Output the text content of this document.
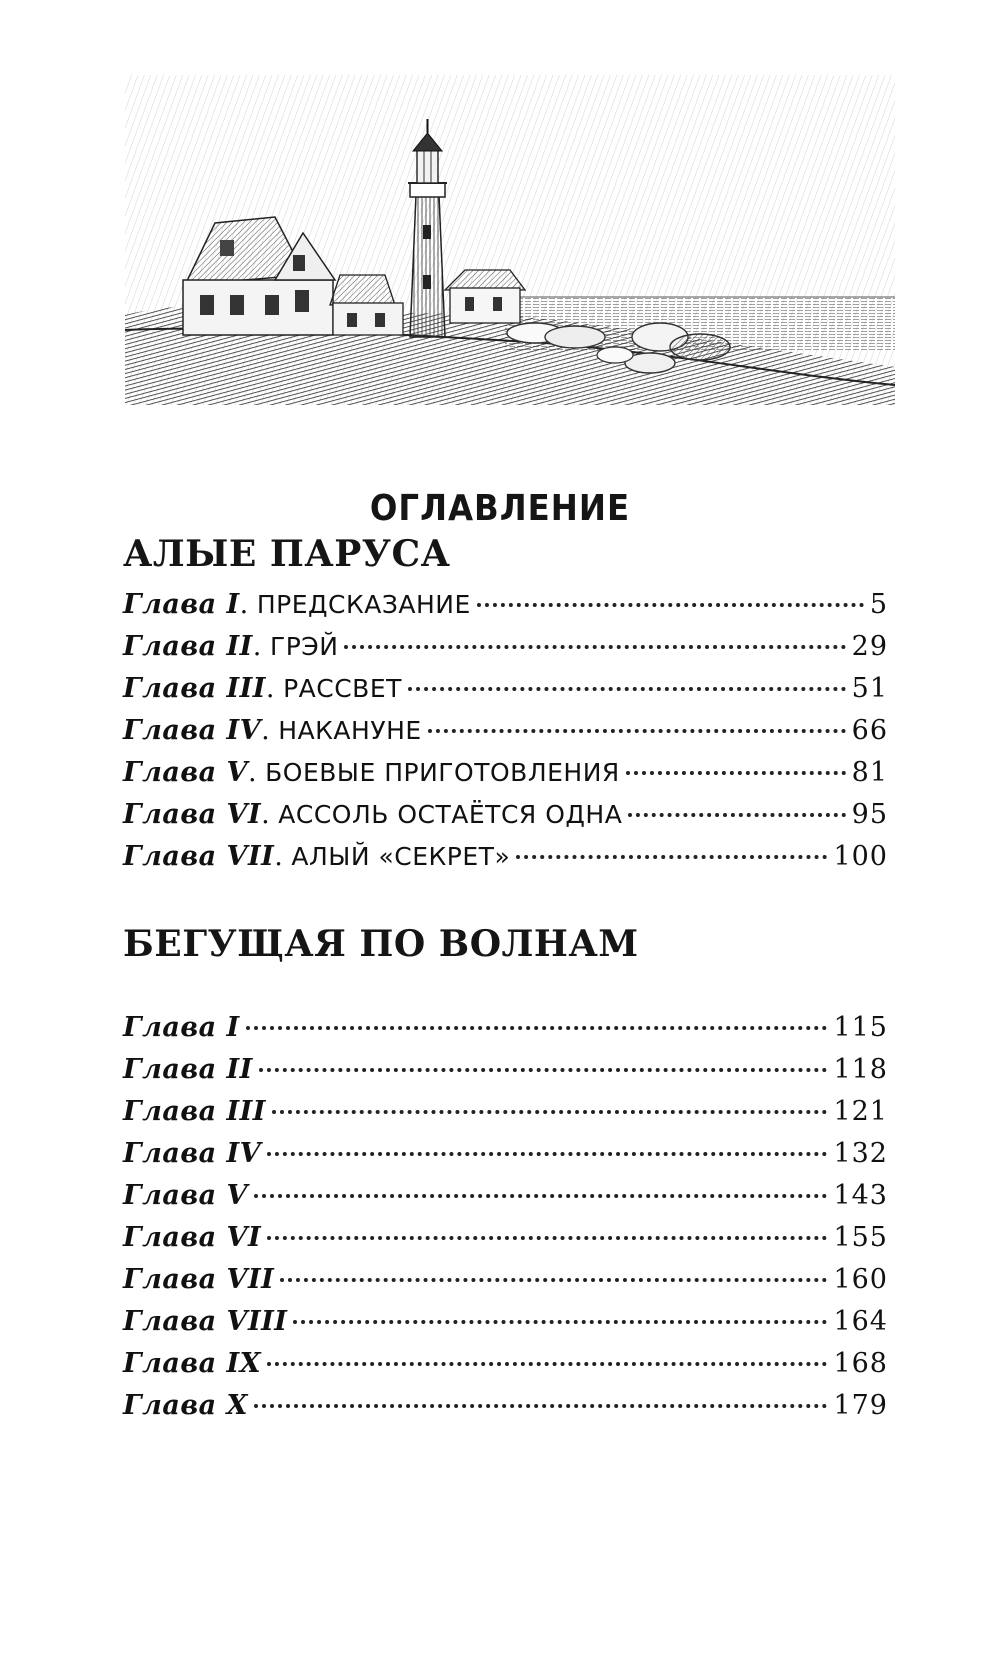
ОГЛАВЛЕНИЕ
АЛЫЕ ПАРУСА
Глава I . ПРЕДСКАЗАНИЕ	5
Глава II . ГРЭЙ	29
Глава III . РАССВЕТ	51
Глава IV . НАКАНУНЕ	66
Глава V . БОЕВЫЕ ПРИГОТОВЛЕНИЯ	81
Глава VI . АССОЛЬ ОСТАЁТСЯ ОДНА	95
Глава VII . АЛЫЙ «СЕКРЕТ»	100
БЕГУЩАЯ ПО ВОЛНАМ
Глава I	115
Глава II	118
Глава III	121
Глава IV	132
Глава V	143
Глава VI	155
Глава VII	160
Глава VIII	164
Глава IX	168
Глава X	179
